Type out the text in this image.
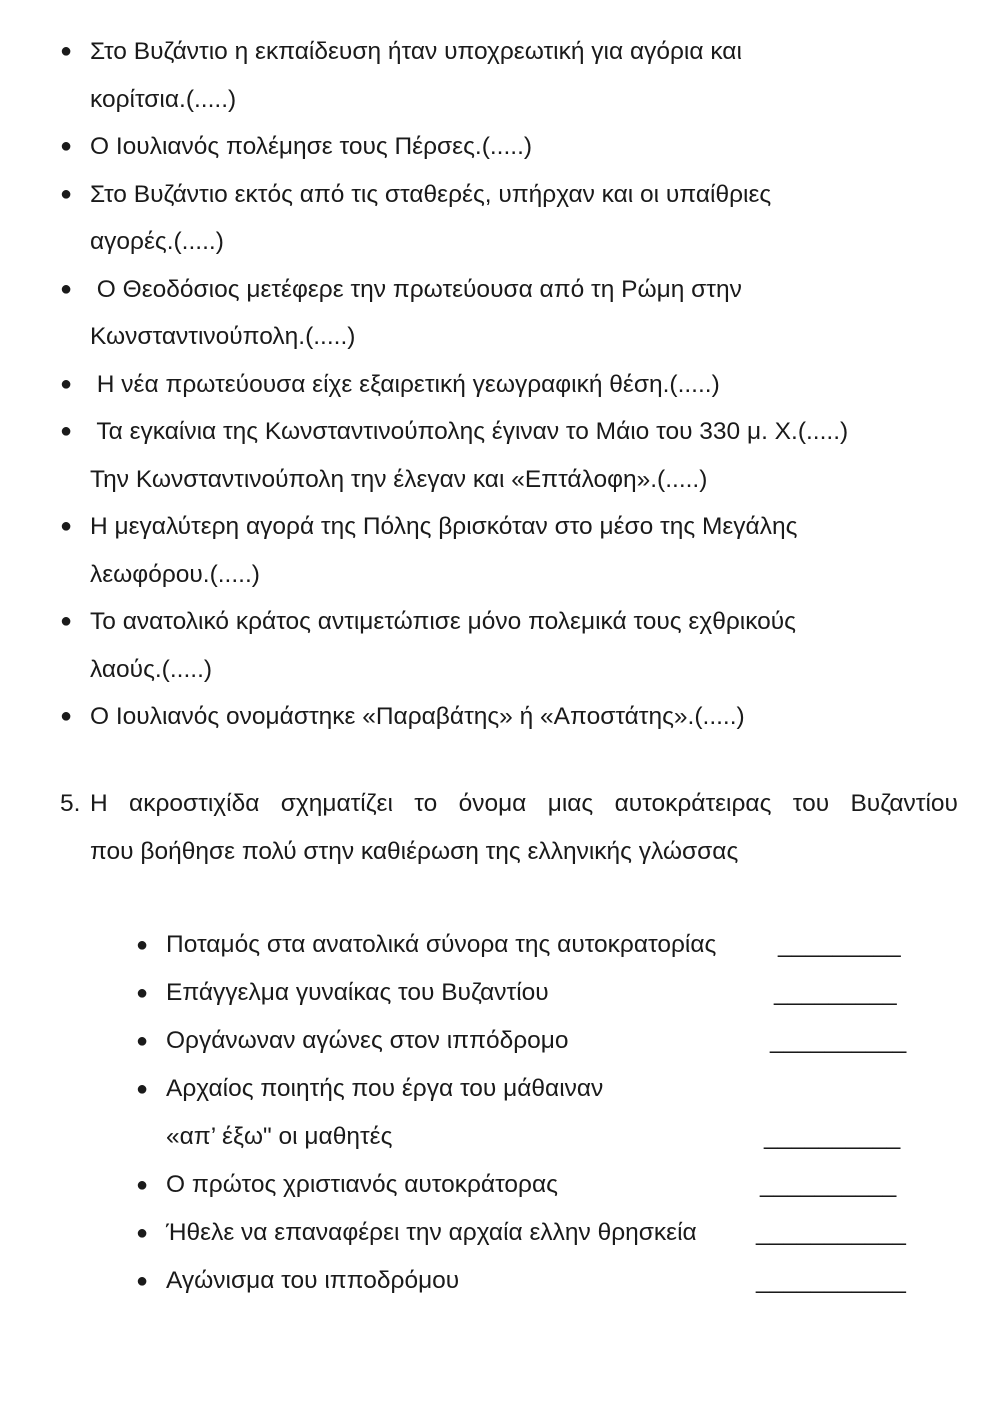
● Στο Βυζάντιο η εκπαίδευση ήταν υποχρεωτική για αγόρια και
κορίτσια.(.....)
● Ο Ιουλιανός πολέμησε τους Πέρσες.(.....)
● Στο Βυζάντιο εκτός από τις σταθερές, υπήρχαν και οι υπαίθριες
αγορές.(.....)
● Ο Θεοδόσιος μετέφερε την πρωτεύουσα από τη Ρώμη στην
Κωνσταντινούπολη.(.....)
● Η νέα πρωτεύουσα είχε εξαιρετική γεωγραφική θέση.(.....)
● Τα εγκαίνια της Κωνσταντινούπολης έγιναν το Μάιο του 330 μ. Χ.(.....)
Την Κωνσταντινούπολη την έλεγαν και «Επτάλοφη».(.....)
● Η μεγαλύτερη αγορά της Πόλης βρισκόταν στο μέσο της Μεγάλης
λεωφόρου.(.....)
● Το ανατολικό κράτος αντιμετώπισε μόνο πολεμικά τους εχθρικούς
λαούς.(.....)
● Ο Ιουλιανός ονομάστηκε «Παραβάτης» ή «Αποστάτης».(.....)
5. Η ακροστιχίδα σχηματίζει το όνομα μιας αυτοκράτειρας του Βυζαντίου
που βοήθησε πολύ στην καθιέρωση της ελληνικής γλώσσας
● Ποταμός στα ανατολικά σύνορα της αυτοκρατορίας	_________
● Επάγγελμα γυναίκας του Βυζαντίου	_________
● Οργάνωναν αγώνες στον ιππόδρομο	__________
● Αρχαίος ποιητής που έργα του μάθαιναν
«απ’ έξω" οι μαθητές	__________
● Ο πρώτος χριστιανός αυτοκράτορας	__________
● Ήθελε να επαναφέρει την αρχαία ελλην θρησκεία ___________
● Αγώνισμα του ιπποδρόμου	___________
